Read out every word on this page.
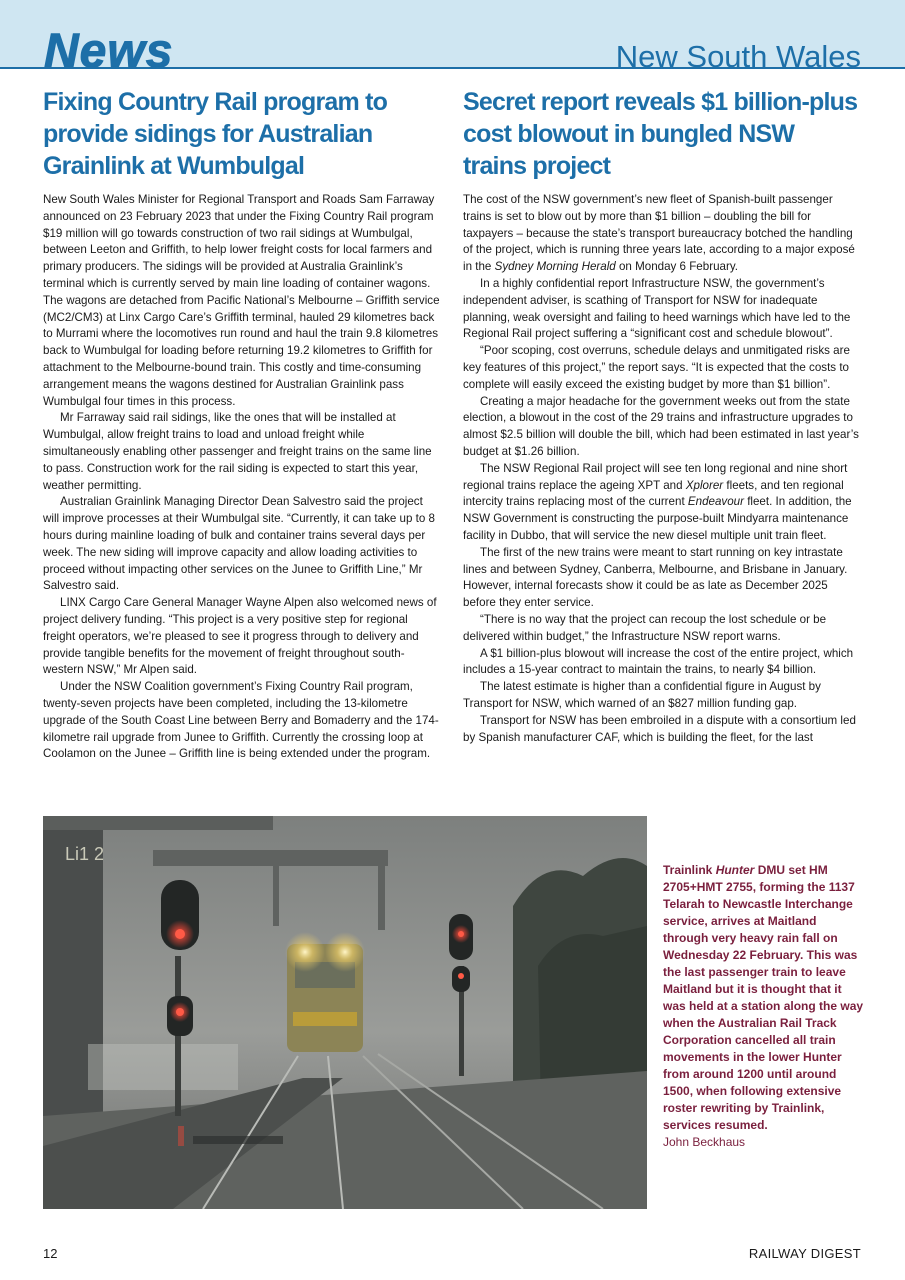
News	New South Wales
Fixing Country Rail program to provide sidings for Australian Grainlink at Wumbulgal

New South Wales Minister for Regional Transport and Roads Sam Farraway announced on 23 February 2023 that under the Fixing Country Rail program $19 million will go towards construction of two rail sidings at Wumbulgal, between Leeton and Griffith, to help lower freight costs for local farmers and primary producers. The sidings will be provided at Australia Grainlink’s terminal which is currently served by main line loading of container wagons. The wagons are detached from Pacific National’s Melbourne – Griffith service (MC2/CM3) at Linx Cargo Care’s Griffith terminal, hauled 29 kilometres back to Murrami where the locomotives run round and haul the train 9.8 kilometres back to Wumbulgal for loading before returning 19.2 kilometres to Griffith for attachment to the Melbourne-bound train. This costly and time-consuming arrangement means the wagons destined for Australian Grainlink pass Wumbulgal four times in this process.

Mr Farraway said rail sidings, like the ones that will be installed at Wumbulgal, allow freight trains to load and unload freight while simultaneously enabling other passenger and freight trains on the same line to pass. Construction work for the rail siding is expected to start this year, weather permitting.

Australian Grainlink Managing Director Dean Salvestro said the project will improve processes at their Wumbulgal site. “Currently, it can take up to 8 hours during mainline loading of bulk and container trains several days per week. The new siding will improve capacity and allow loading activities to proceed without impacting other services on the Junee to Griffith Line,” Mr Salvestro said.

LINX Cargo Care General Manager Wayne Alpen also welcomed news of project delivery funding. “This project is a very positive step for regional freight operators, we’re pleased to see it progress through to delivery and provide tangible benefits for the movement of freight throughout south-western NSW,” Mr Alpen said.

Under the NSW Coalition government’s Fixing Country Rail program, twenty-seven projects have been completed, including the 13-kilometre upgrade of the South Coast Line between Berry and Bomaderry and the 174-kilometre rail upgrade from Junee to Griffith. Currently the crossing loop at Coolamon on the Junee – Griffith line is being extended under the program.

Secret report reveals $1 billion-plus cost blowout in bungled NSW trains project

The cost of the NSW government’s new fleet of Spanish-built passenger trains is set to blow out by more than $1 billion – doubling the bill for taxpayers – because the state’s transport bureaucracy botched the handling of the project, which is running three years late, according to a major exposé in the Sydney Morning Herald on Monday 6 February.

In a highly confidential report Infrastructure NSW, the government’s independent adviser, is scathing of Transport for NSW for inadequate planning, weak oversight and failing to heed warnings which have led to the Regional Rail project suffering a “significant cost and schedule blowout”.

“Poor scoping, cost overruns, schedule delays and unmitigated risks are key features of this project,” the report says. “It is expected that the costs to complete will easily exceed the existing budget by more than $1 billion”.

Creating a major headache for the government weeks out from the state election, a blowout in the cost of the 29 trains and infrastructure upgrades to almost $2.5 billion will double the bill, which had been estimated in last year’s budget at $1.26 billion.

The NSW Regional Rail project will see ten long regional and nine short regional trains replace the ageing XPT and Xplorer fleets, and ten regional intercity trains replacing most of the current Endeavour fleet. In addition, the NSW Government is constructing the purpose-built Mindyarra maintenance facility in Dubbo, that will service the new diesel multiple unit train fleet.

The first of the new trains were meant to start running on key intrastate lines and between Sydney, Canberra, Melbourne, and Brisbane in January. However, internal forecasts show it could be as late as December 2025 before they enter service.

“There is no way that the project can recoup the lost schedule or be delivered within budget,” the Infrastructure NSW report warns.

A $1 billion-plus blowout will increase the cost of the entire project, which includes a 15-year contract to maintain the trains, to nearly $4 billion.

The latest estimate is higher than a confidential figure in August by Transport for NSW, which warned of an $827 million funding gap.

Transport for NSW has been embroiled in a dispute with a consortium led by Spanish manufacturer CAF, which is building the fleet, for the last

Li1 2
Trainlink Hunter DMU set HM 2705+HMT 2755, forming the 1137 Telarah to Newcastle Interchange service, arrives at Maitland through very heavy rain fall on Wednesday 22 February. This was the last passenger train to leave Maitland but it is thought that it was held at a station along the way when the Australian Rail Track Corporation cancelled all train movements in the lower Hunter from around 1200 until around 1500, when following extensive roster rewriting by Trainlink, services resumed.
John Beckhaus
12	RAILWAY DIGEST
